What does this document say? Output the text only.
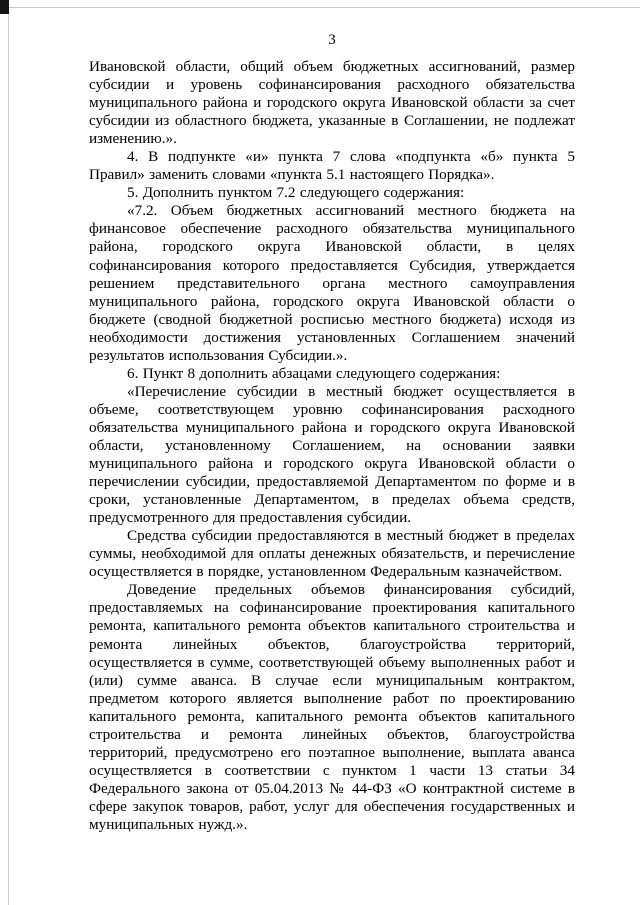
3

Ивановской области, общий объем бюджетных ассигнований, размер субсидии и уровень софинансирования расходного обязательства муниципального района и городского округа Ивановской области за счет субсидии из областного бюджета, указанные в Соглашении, не подлежат изменению.».

4. В подпункте «и» пункта 7 слова «подпункта «б» пункта 5 Правил» заменить словами «пункта 5.1 настоящего Порядка».

5. Дополнить пунктом 7.2 следующего содержания:

«7.2. Объем бюджетных ассигнований местного бюджета на финансовое обеспечение расходного обязательства муниципального района, городского округа Ивановской области, в целях софинансирования которого предоставляется Субсидия, утверждается решением представительного органа местного самоуправления муниципального района, городского округа Ивановской области о бюджете (сводной бюджетной росписью местного бюджета) исходя из необходимости достижения установленных Соглашением значений результатов использования Субсидии.».

6. Пункт 8 дополнить абзацами следующего содержания:

«Перечисление субсидии в местный бюджет осуществляется в объеме, соответствующем уровню софинансирования расходного обязательства муниципального района и городского округа Ивановской области, установленному Соглашением, на основании заявки муниципального района и городского округа Ивановской области о перечислении субсидии, предоставляемой Департаментом по форме и в сроки, установленные Департаментом, в пределах объема средств, предусмотренного для предоставления субсидии.

Средства субсидии предоставляются в местный бюджет в пределах суммы, необходимой для оплаты денежных обязательств, и перечисление осуществляется в порядке, установленном Федеральным казначейством.

Доведение предельных объемов финансирования субсидий, предоставляемых на софинансирование проектирования капитального ремонта, капитального ремонта объектов капитального строительства и ремонта линейных объектов, благоустройства территорий, осуществляется в сумме, соответствующей объему выполненных работ и (или) сумме аванса. В случае если муниципальным контрактом, предметом которого является выполнение работ по проектированию капитального ремонта, капитального ремонта объектов капитального строительства и ремонта линейных объектов, благоустройства территорий, предусмотрено его поэтапное выполнение, выплата аванса осуществляется в соответствии с пунктом 1 части 13 статьи 34 Федерального закона от 05.04.2013 № 44-ФЗ «О контрактной системе в сфере закупок товаров, работ, услуг для обеспечения государственных и муниципальных нужд.».
